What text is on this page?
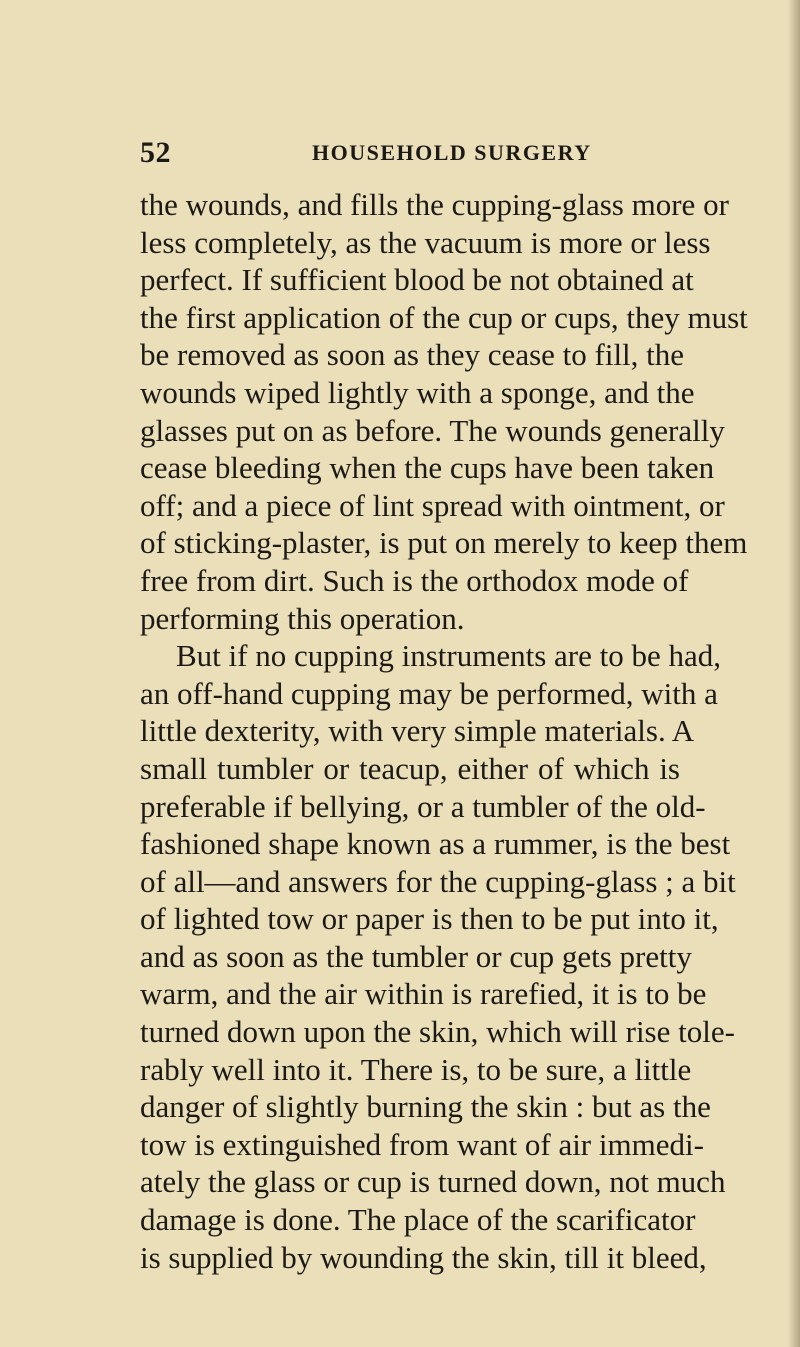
52	HOUSEHOLD SURGERY
the wounds, and fills the cupping-glass more or
less completely, as the vacuum is more or less
perfect. If sufficient blood be not obtained at
the first application of the cup or cups, they must
be removed as soon as they cease to fill, the
wounds wiped lightly with a sponge, and the
glasses put on as before. The wounds generally
cease bleeding when the cups have been taken
off; and a piece of lint spread with ointment, or
of sticking-plaster, is put on merely to keep them
free from dirt. Such is the orthodox mode of
performing this operation.
But if no cupping instruments are to be had,
an off-hand cupping may be performed, with a
little dexterity, with very simple materials. A
small tumbler or teacup, either of which is
preferable if bellying, or a tumbler of the old-
fashioned shape known as a rummer, is the best
of all—and answers for the cupping-glass ; a bit
of lighted tow or paper is then to be put into it,
and as soon as the tumbler or cup gets pretty
warm, and the air within is rarefied, it is to be
turned down upon the skin, which will rise tole-
rably well into it. There is, to be sure, a little
danger of slightly burning the skin : but as the
tow is extinguished from want of air immedi-
ately the glass or cup is turned down, not much
damage is done. The place of the scarificator
is supplied by wounding the skin, till it bleed,
